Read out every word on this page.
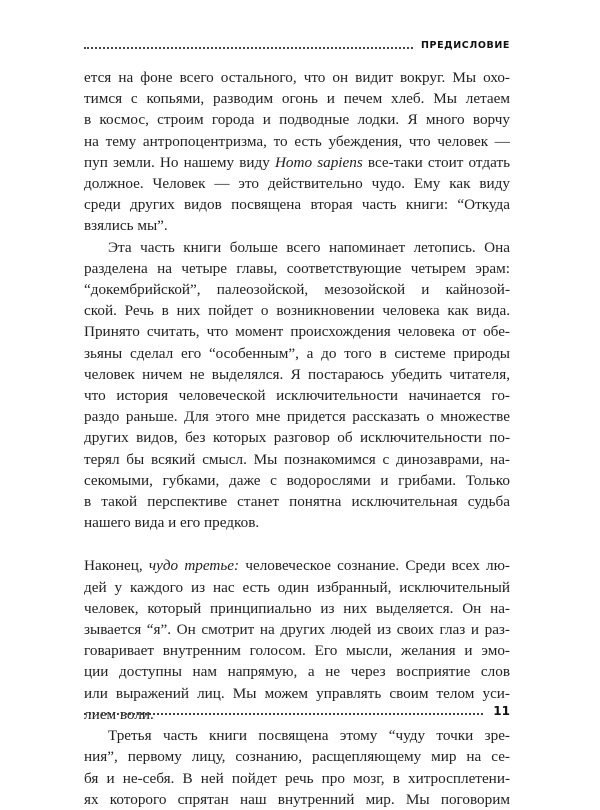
ПРЕДИСЛОВИЕ

ется на фоне всего остального, что он видит вокруг. Мы охо-
тимся с копьями, разводим огонь и печем хлеб. Мы летаем
в космос, строим города и подводные лодки. Я много ворчу
на тему антропоцентризма, то есть убеждения, что человек —
пуп земли. Но нашему виду Homo sapiens все-таки стоит отдать
должное. Человек — это действительно чудо. Ему как виду
среди других видов посвящена вторая часть книги: “Откуда
взялись мы”.

Эта часть книги больше всего напоминает летопись. Она
разделена на четыре главы, соответствующие четырем эрам:
“докембрийской”, палеозойской, мезозойской и кайнозой-
ской. Речь в них пойдет о возникновении человека как вида.
Принято считать, что момент происхождения человека от обе-
зьяны сделал его “особенным”, а до того в системе природы
человек ничем не выделялся. Я постараюсь убедить читателя,
что история человеческой исключительности начинается го-
раздо раньше. Для этого мне придется рассказать о множестве
других видов, без которых разговор об исключительности по-
терял бы всякий смысл. Мы познакомимся с динозаврами, на-
секомыми, губками, даже с водорослями и грибами. Только
в такой перспективе станет понятна исключительная судьба
нашего вида и его предков.

Наконец, чудо третье: человеческое сознание. Среди всех лю-
дей у каждого из нас есть один избранный, исключительный
человек, который принципиально из них выделяется. Он на-
зывается “я”. Он смотрит на других людей из своих глаз и раз-
говаривает внутренним голосом. Его мысли, желания и эмо-
ции доступны нам напрямую, а не через восприятие слов
или выражений лиц. Мы можем управлять своим телом уси-
лием воли.

Третья часть книги посвящена этому “чуду точки зре-
ния”, первому лицу, сознанию, расщепляющему мир на се-
бя и не-себя. В ней пойдет речь про мозг, в хитросплетени-
ях которого спрятан наш внутренний мир. Мы поговорим

11
